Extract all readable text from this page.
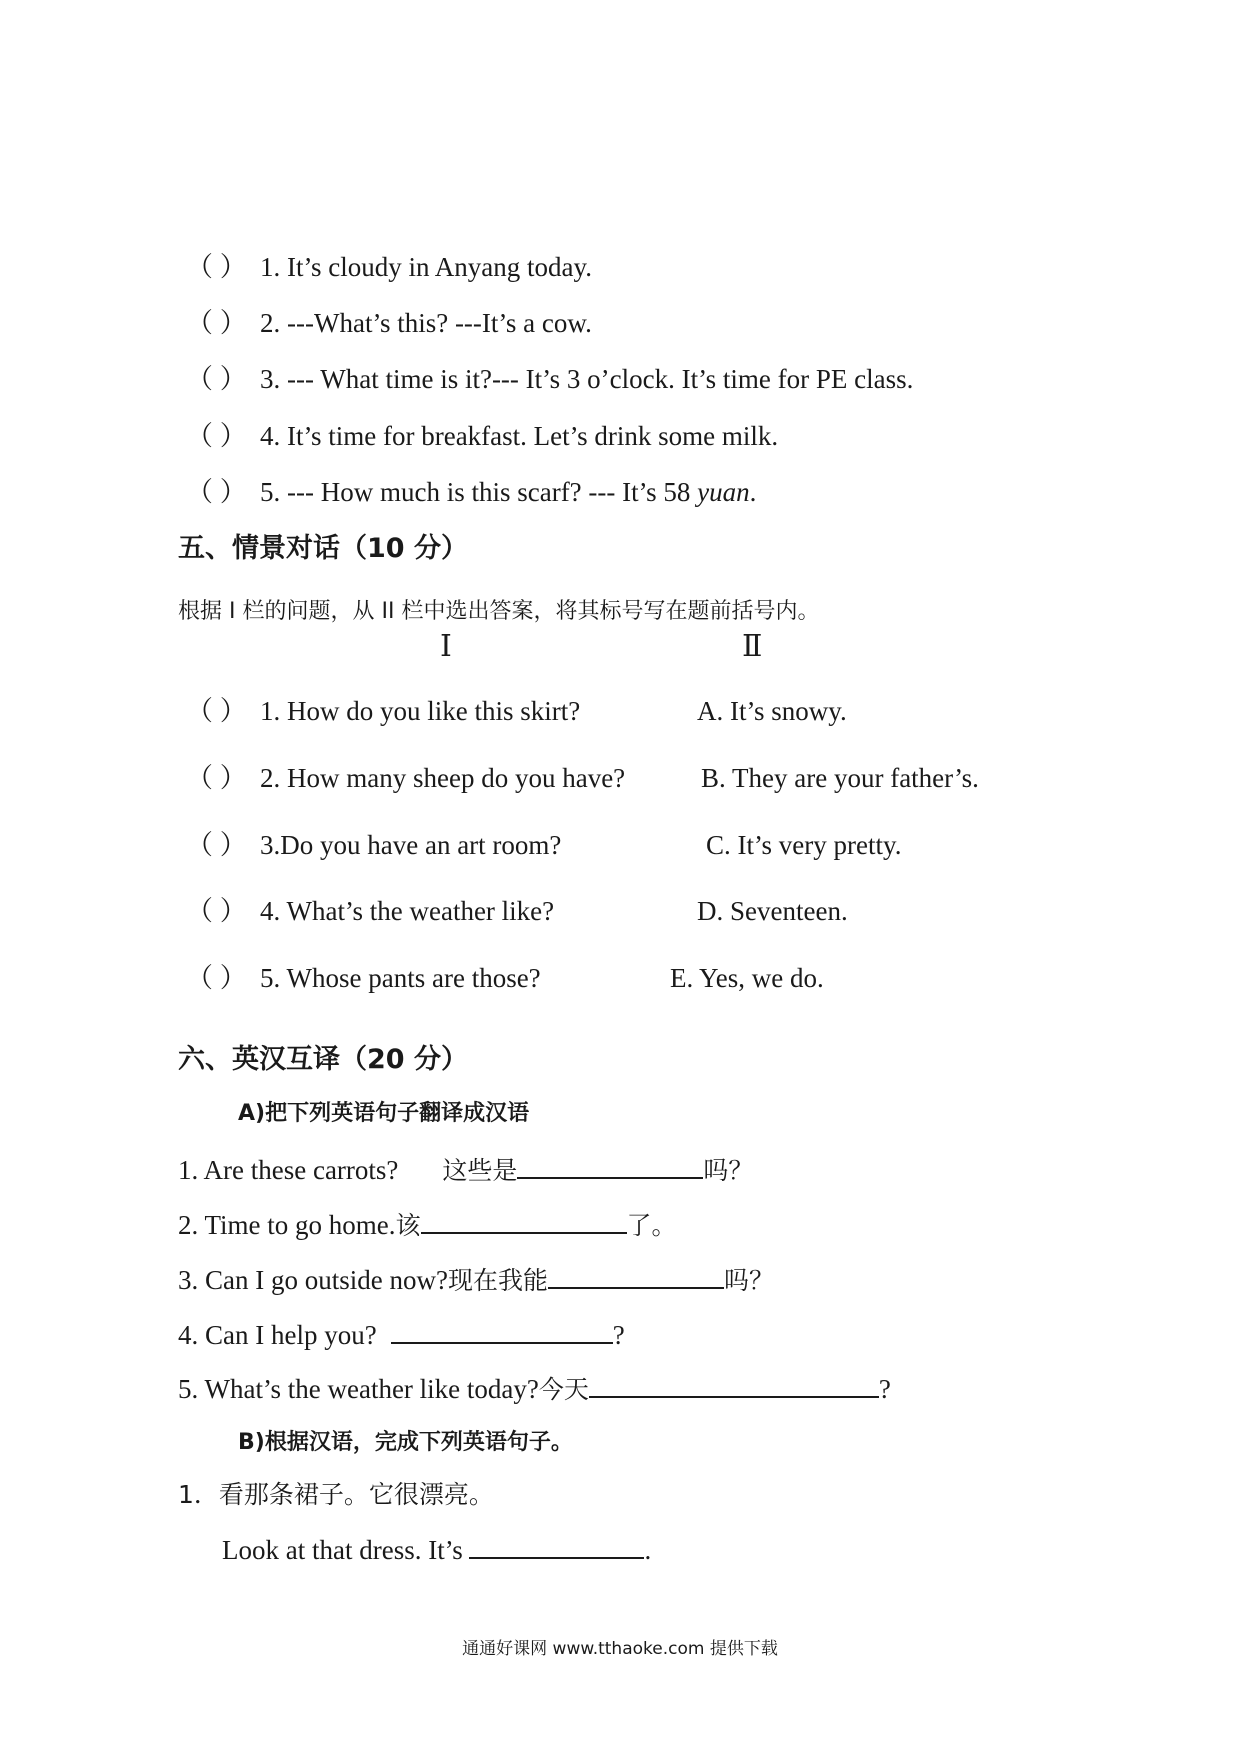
（ ） 1. It’s cloudy in Anyang today.
（ ） 2. ---What’s this? ---It’s a cow.
（ ） 3. --- What time is it?--- It’s 3 o’clock. It’s time for PE class.
（ ） 4. It’s time for breakfast. Let’s drink some milk.
（ ） 5. --- How much is this scarf? --- It’s 58 yuan.
五、情景对话（10 分）
根据 I 栏的问题，从 II 栏中选出答案，将其标号写在题前括号内。
Ⅰ	Ⅱ
（ ） 1. How do you like this skirt?	A. It’s snowy.
（ ） 2. How many sheep do you have?	B. They are your father’s.
（ ） 3.Do you have an art room?	C. It’s very pretty.
（ ） 4. What’s the weather like?	D. Seventeen.
（ ） 5. Whose pants are those?	E. Yes, we do.
六、英汉互译（20 分）
A)把下列英语句子翻译成汉语
1. Are these carrots? 这些是	吗？
2. Time to go home.该	了。
3. Can I go outside now?现在我能	吗？
4. Can I help you?	?
5. What’s the weather like today?今天	?
B)根据汉语，完成下列英语句子。
1．看那条裙子。它很漂亮。
Look at that dress. It’s	.
通通好课网 www.tthaoke.com 提供下载
